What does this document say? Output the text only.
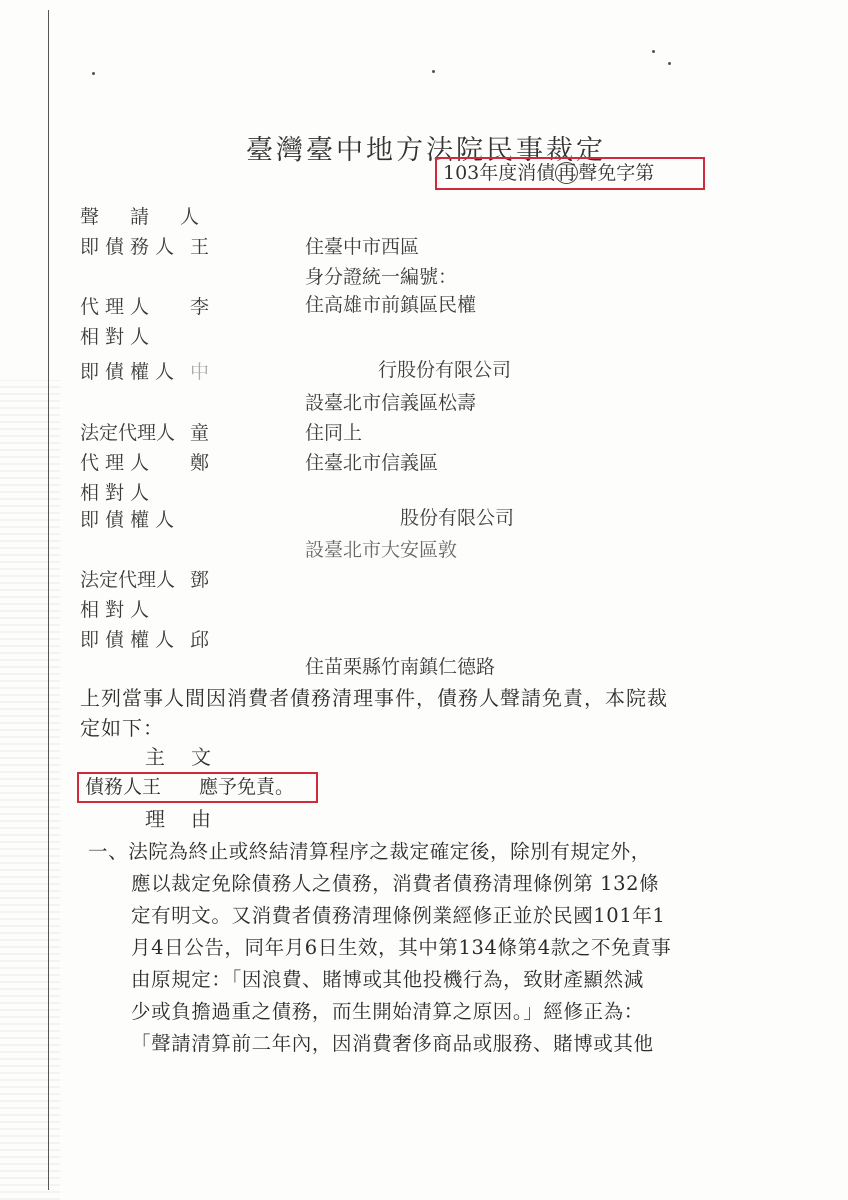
臺灣臺中地方法院民事裁定
103年度消債 再 聲免字第
聲　請　人
即債務人 王	住臺中市西區
身分證統一編號：
代理人 李	住高雄市前鎮區民權
相對人
即債權人 中	行股份有限公司
設臺北市信義區松壽
法定代理人 童	住同上
代理人 鄭	住臺北市信義區
相對人
即債權人	股份有限公司
設臺北市大安區敦
法定代理人 鄧
相對人
即債權人 邱
住苗栗縣竹南鎮仁德路
上列當事人間因消費者債務清理事件，債務人聲請免責，本院裁
定如下：
主文
債務人王　　應予免責。
理由
一、法院為終止或終結清算程序之裁定確定後，除別有規定外，
應以裁定免除債務人之債務，消費者債務清理條例第 132條
定有明文。又消費者債務清理條例業經修正並於民國101年1
月4日公告，同年月6日生效，其中第134條第4款之不免責事
由原規定：「因浪費、賭博或其他投機行為，致財產顯然減
少或負擔過重之債務，而生開始清算之原因。」經修正為：
「聲請清算前二年內，因消費奢侈商品或服務、賭博或其他
